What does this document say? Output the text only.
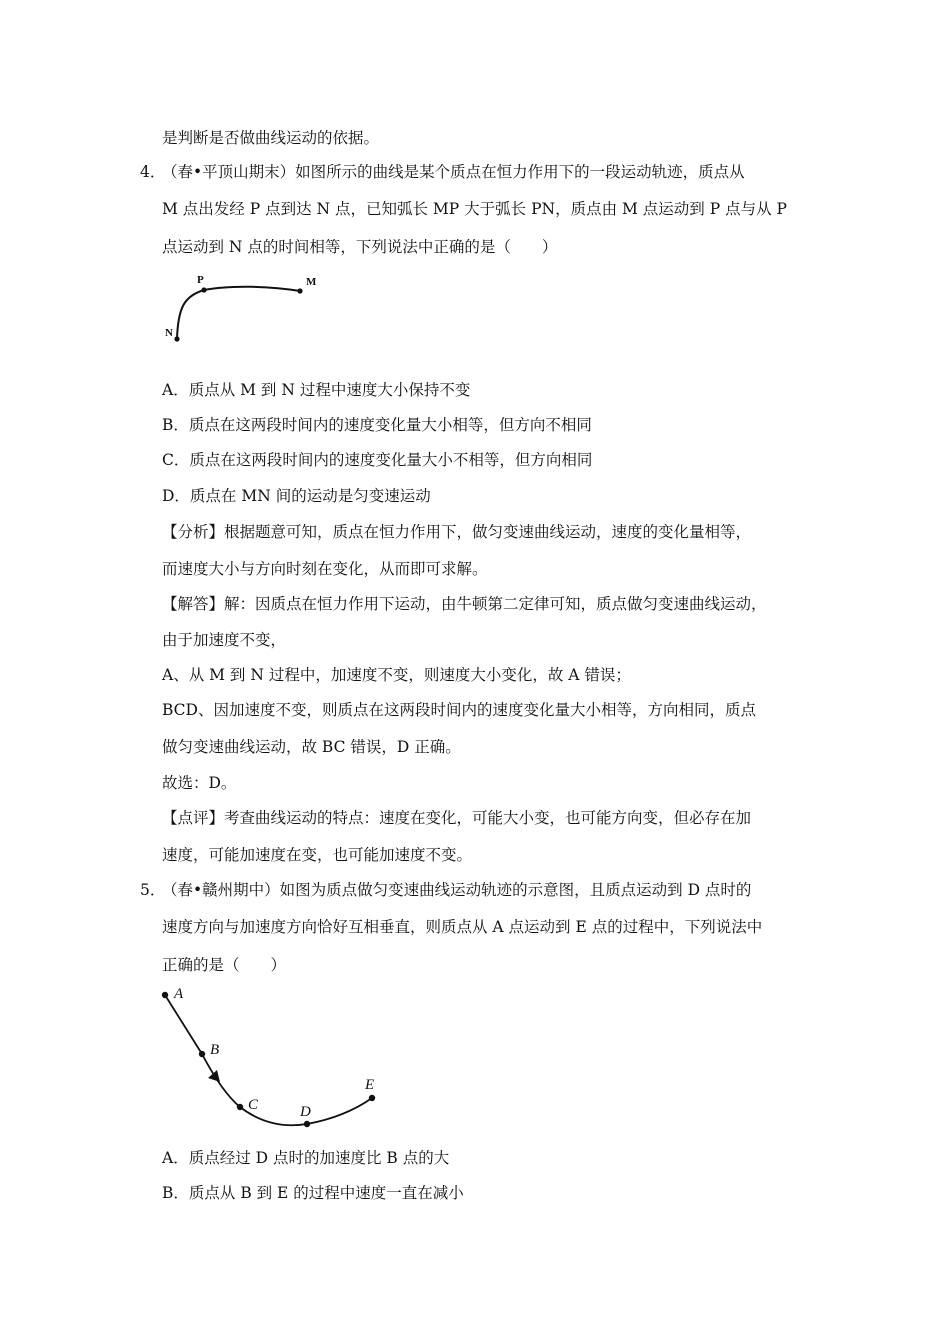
是判断是否做曲线运动的依据。
4．
（春•平顶山期末）如图所示的曲线是某个质点在恒力作用下的一段运动轨迹，质点从
M 点出发经 P 点到达 N 点，已知弧长 MP 大于弧长 PN，质点由 M 点运动到 P 点与从 P
点运动到 N 点的时间相等，下列说法中正确的是（　　）
P	M
N
A．质点从 M 到 N 过程中速度大小保持不变
B．质点在这两段时间内的速度变化量大小相等，但方向不相同
C．质点在这两段时间内的速度变化量大小不相等，但方向相同
D．质点在 MN 间的运动是匀变速运动
【分析】根据题意可知，质点在恒力作用下，做匀变速曲线运动，速度的变化量相等，
而速度大小与方向时刻在变化，从而即可求解。
【解答】解：因质点在恒力作用下运动，由牛顿第二定律可知，质点做匀变速曲线运动，
由于加速度不变，
A、从 M 到 N 过程中，加速度不变，则速度大小变化，故 A 错误；
BCD、因加速度不变，则质点在这两段时间内的速度变化量大小相等，方向相同，质点
做匀变速曲线运动，故 BC 错误，D 正确。
故选：D。
【点评】考查曲线运动的特点：速度在变化，可能大小变，也可能方向变，但必存在加
速度，可能加速度在变，也可能加速度不变。
5．
（春•赣州期中）如图为质点做匀变速曲线运动轨迹的示意图，且质点运动到 D 点时的
速度方向与加速度方向恰好互相垂直，则质点从 A 点运动到 E 点的过程中，下列说法中
正确的是（　　）
A
B
C	D
E
A．质点经过 D 点时的加速度比 B 点的大
B．质点从 B 到 E 的过程中速度一直在减小
